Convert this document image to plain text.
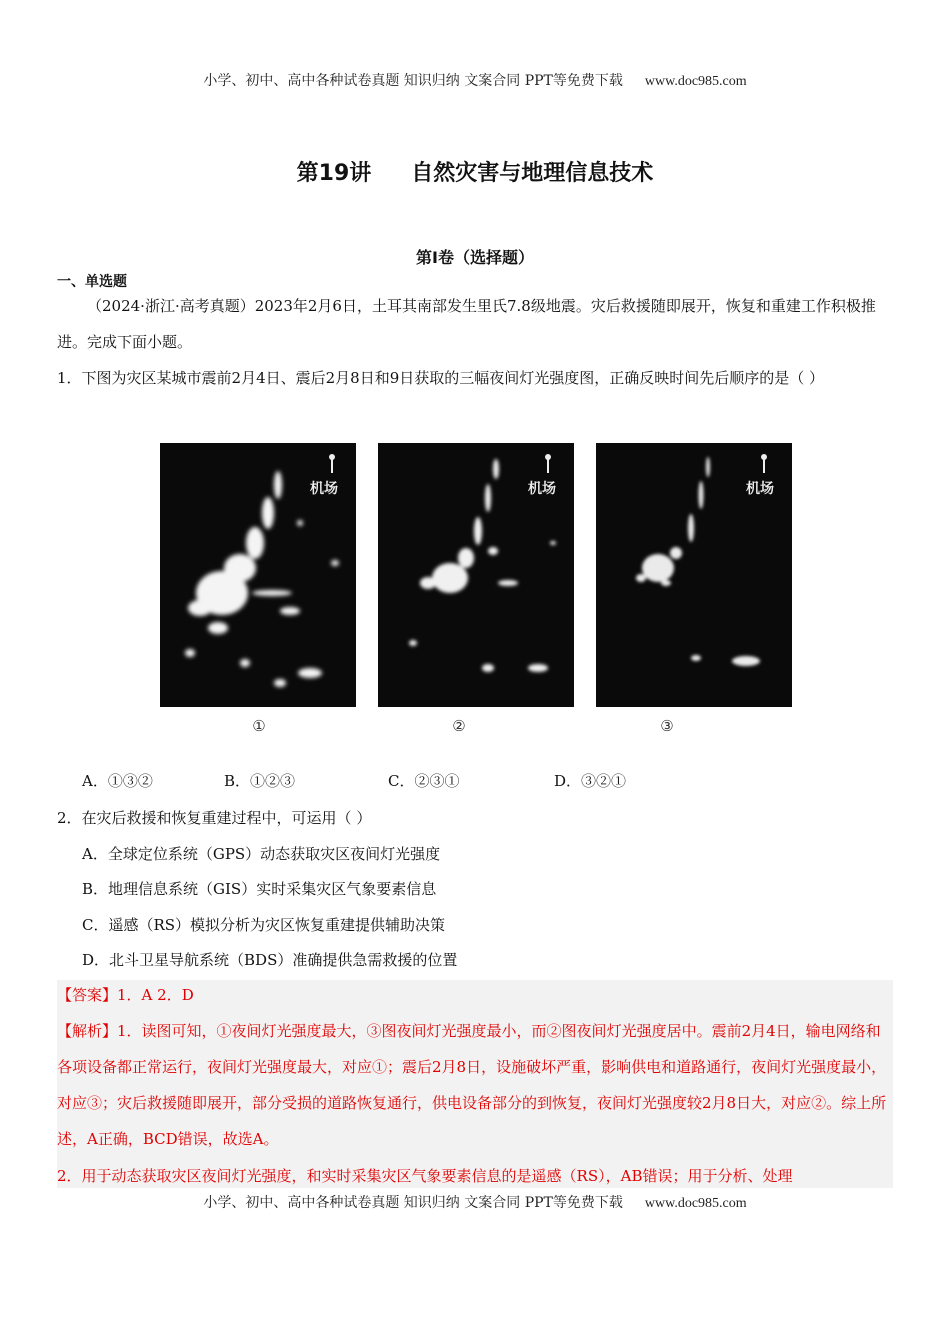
小学、初中、高中各种试卷真题 知识归纳 文案合同 PPT等免费下载 www.doc985.com
第19讲 自然灾害与地理信息技术
第I卷（选择题）
一、单选题
（2024·浙江·高考真题）2023年2月6日，土耳其南部发生里氏7.8级地震。灾后救援随即展开，恢复和重建工作积极推进。完成下面小题。
1．下图为灾区某城市震前2月4日、震后2月8日和9日获取的三幅夜间灯光强度图，正确反映时间先后顺序的是（ ）
机场	机场	机场
①	②	③
A．①③②	B．①②③	C．②③①	D．③②①
2．在灾后救援和恢复重建过程中，可运用（ ）
A．全球定位系统（GPS）动态获取灾区夜间灯光强度
B．地理信息系统（GIS）实时采集灾区气象要素信息
C．遥感（RS）模拟分析为灾区恢复重建提供辅助决策
D．北斗卫星导航系统（BDS）准确提供急需救援的位置
【答案】1．A 2．D
【解析】1．读图可知，①夜间灯光强度最大，③图夜间灯光强度最小，而②图夜间灯光强度居中。震前2月4日，输电网络和各项设备都正常运行，夜间灯光强度最大，对应①；震后2月8日，设施破坏严重，影响供电和道路通行，夜间灯光强度最小，对应③；灾后救援随即展开，部分受损的道路恢复通行，供电设备部分的到恢复，夜间灯光强度较2月8日大，对应②。综上所述，A正确，BCD错误，故选A。
2．用于动态获取灾区夜间灯光强度，和实时采集灾区气象要素信息的是遥感（RS），AB错误；用于分析、处理
小学、初中、高中各种试卷真题 知识归纳 文案合同 PPT等免费下载 www.doc985.com
